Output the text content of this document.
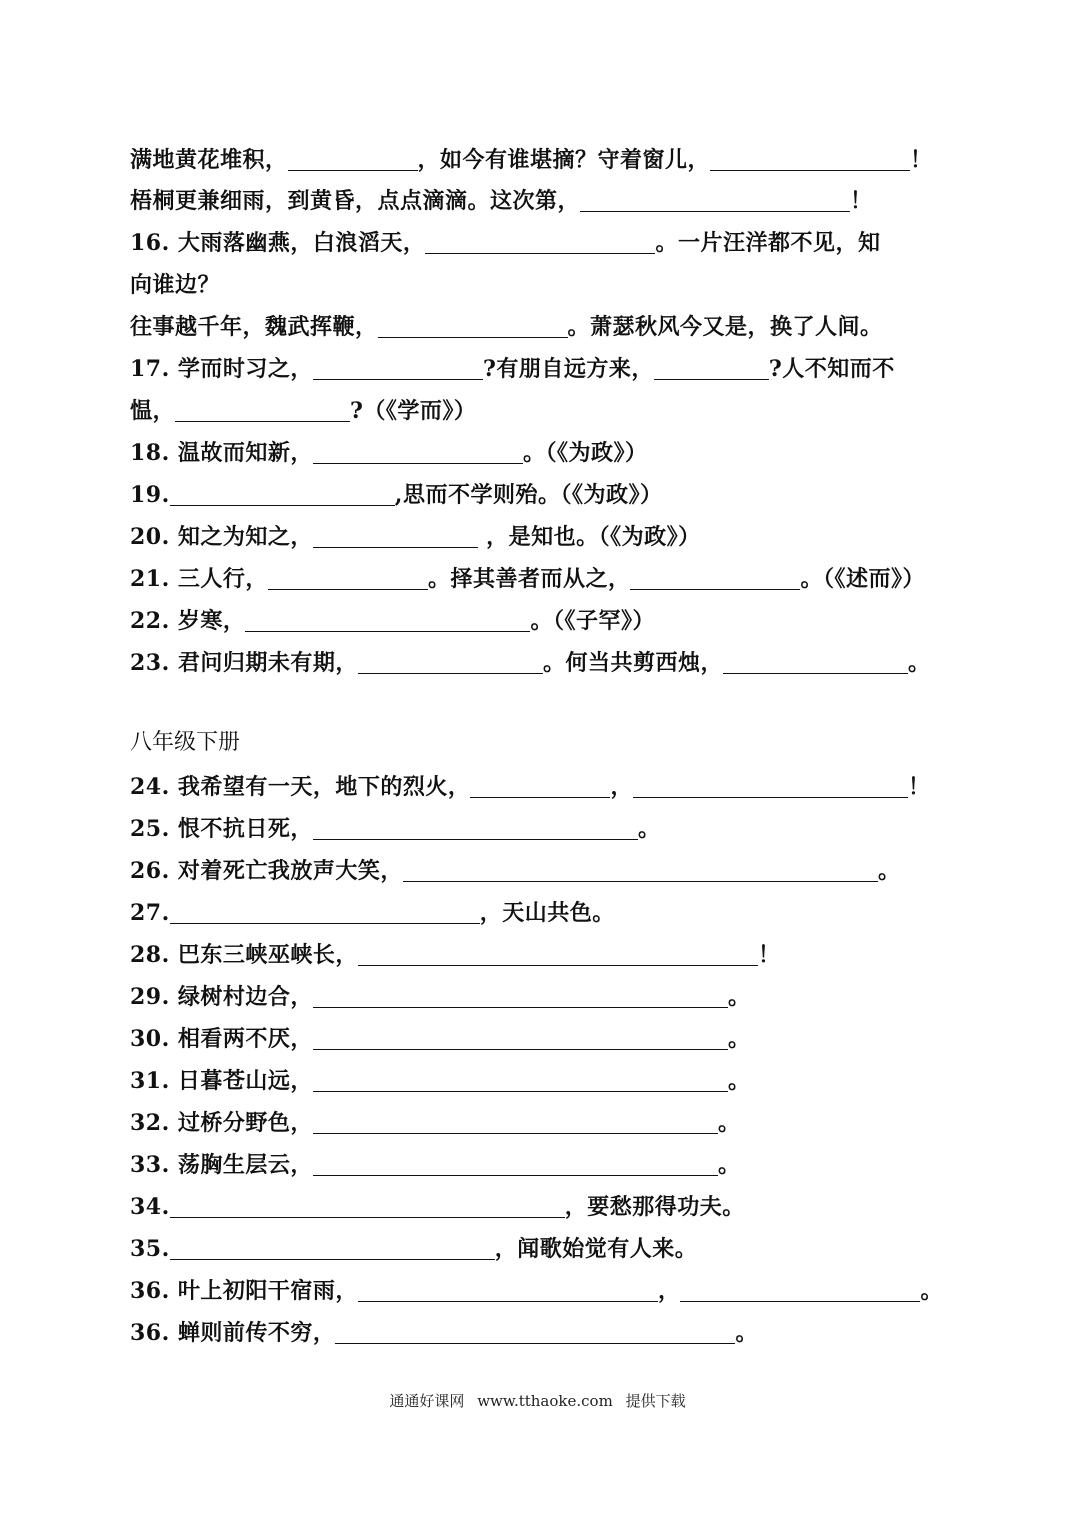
满地黄花堆积，	，如今有谁堪摘？守着窗儿，	！
梧桐更兼细雨，到黄昏，点点滴滴。这次第，	！
16. 大雨落幽燕，白浪滔天，	。一片汪洋都不见，知
向谁边？
往事越千年，魏武挥鞭，	。萧瑟秋风今又是，换了人间。
17. 学而时习之，	?有朋自远方来，	?人不知而不
愠，	?（《学而》）
18. 温故而知新，	。（《为政》）
19.	,思而不学则殆。（《为政》）
20. 知之为知之，	，是知也。（《为政》）
21. 三人行，	。择其善者而从之，	。（《述而》）
22. 岁寒，	。（《子罕》）
23. 君问归期未有期，	。何当共剪西烛，	。
24. 我希望有一天，地下的烈火，	，	！
25. 恨不抗日死，	。
26. 对着死亡我放声大笑，	。
27.	，天山共色。
28. 巴东三峡巫峡长，	！
29. 绿树村边合，	。
30. 相看两不厌，	。
31. 日暮苍山远，	。
32. 过桥分野色，	。
33. 荡胸生层云，	。
34.	，要愁那得功夫。
35.	，闻歌始觉有人来。
36. 叶上初阳干宿雨，	，	。
36. 蝉则前传不穷，	。
八年级下册
通通好课网 www.tthaoke.com 提供下载
